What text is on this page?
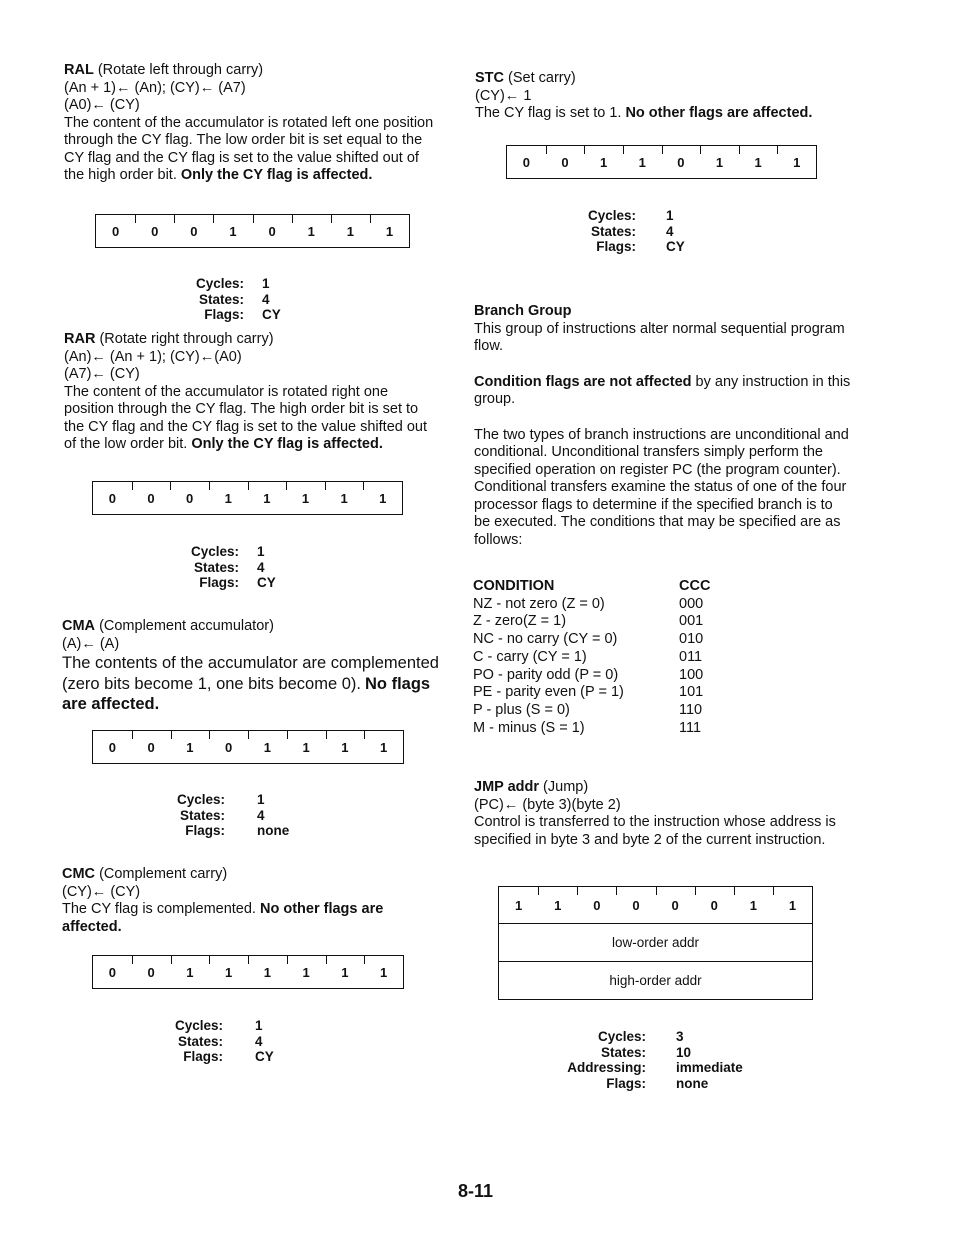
RAL (Rotate left through carry)
(An + 1)← (An); (CY)← (A7)
(A0)← (CY)
The content of the accumulator is rotated left one position through the CY flag. The low order bit is set equal to the CY flag and the CY flag is set to the value shifted out of the high order bit. Only the CY flag is affected.
0	0	0	1	0	1	1	1
Cycles:	1
States:	4
Flags:	CY
RAR (Rotate right through carry)
(An)← (An + 1); (CY)←(A0)
(A7)← (CY)
The content of the accumulator is rotated right one position through the CY flag. The high order bit is set to the CY flag and the CY flag is set to the value shifted out of the low order bit. Only the CY flag is affected.
0	0	0	1	1	1	1	1
Cycles:	1
States:	4
Flags:	CY
CMA (Complement accumulator)
(A)← (A)
The contents of the accumulator are complemented (zero bits become 1, one bits become 0). No flags are affected.
0	0	1	0	1	1	1	1
Cycles:	1
States:	4
Flags:	none
CMC (Complement carry)
(CY)← (CY)
The CY flag is complemented. No other flags are affected.
0	0	1	1	1	1	1	1
Cycles:	1
States:	4
Flags:	CY
STC (Set carry)
(CY)← 1
The CY flag is set to 1. No other flags are affected.
0	0	1	1	0	1	1	1
Cycles:	1
States:	4
Flags:	CY
Branch Group
This group of instructions alter normal sequential program flow.
Condition flags are not affected by any instruction in this group.
The two types of branch instructions are unconditional and conditional. Unconditional transfers simply perform the specified operation on register PC (the program counter). Conditional transfers examine the status of one of the four processor flags to determine if the specified branch is to be executed. The conditions that may be specified are as follows:
CONDITION	CCC
NZ - not zero (Z = 0)	000
Z - zero(Z = 1)	001
NC - no carry (CY = 0)	010
C - carry (CY = 1)	011
PO - parity odd (P = 0)	100
PE - parity even (P = 1)	101
P - plus (S = 0)	110
M - minus (S = 1)	111
JMP addr (Jump)
(PC)← (byte 3)(byte 2)
Control is transferred to the instruction whose address is specified in byte 3 and byte 2 of the current instruction.
1	1	0	0	0	0	1	1
low-order addr
high-order addr
Cycles:	3
States:	10
Addressing:	immediate
Flags:	none
8-11
